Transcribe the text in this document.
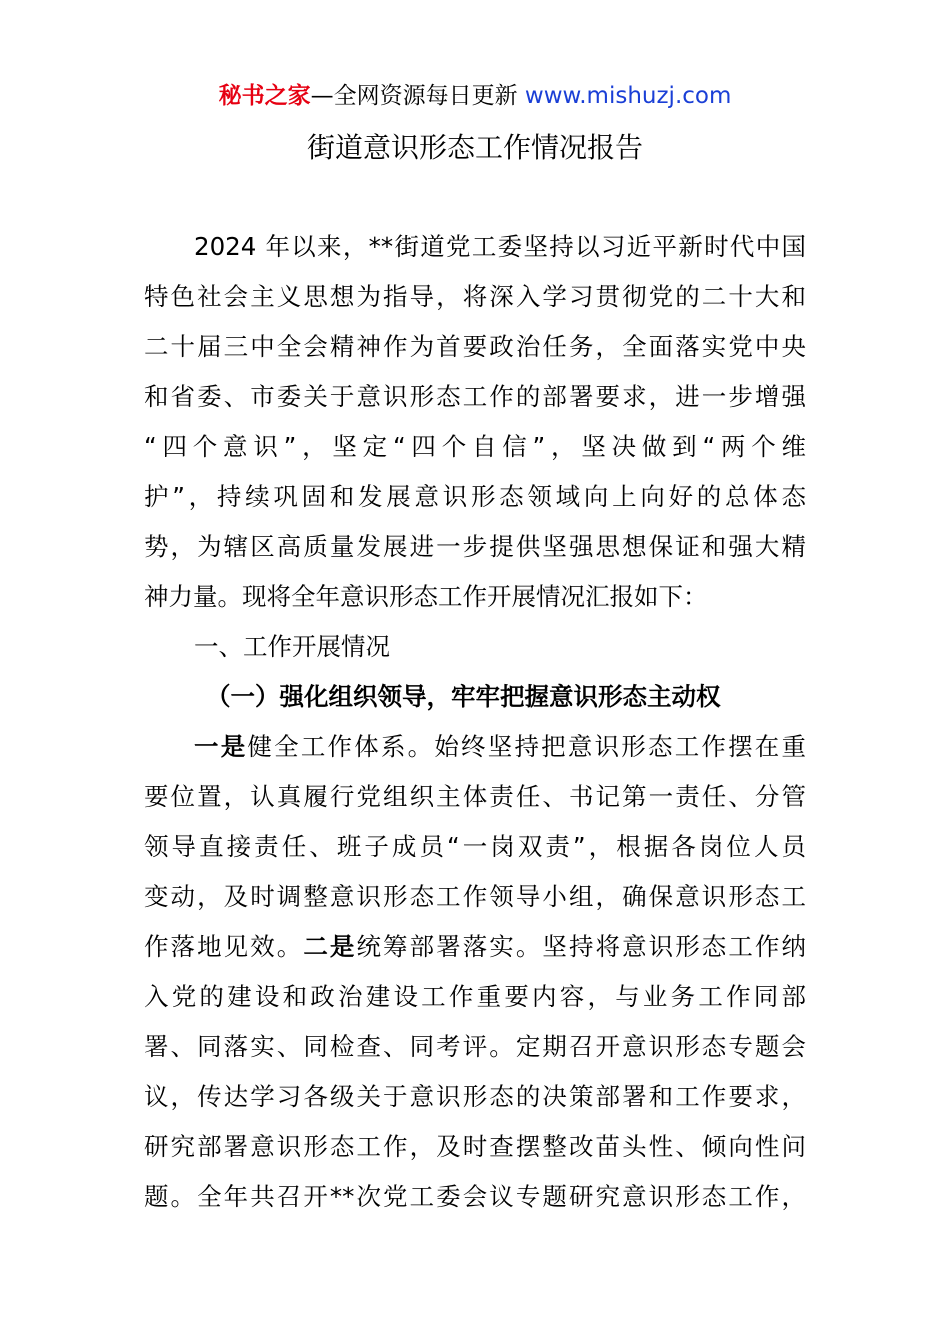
秘书之家—全网资源每日更新 www.mishuzj.com
街道意识形态工作情况报告
2024 年以来，**街道党工委坚持以习近平新时代中国
特色社会主义思想为指导，将深入学习贯彻党的二十大和
二十届三中全会精神作为首要政治任务，全面落实党中央
和省委、市委关于意识形态工作的部署要求，进一步增强
“四个意识”，坚定“四个自信”，坚决做到“两个维
护”，持续巩固和发展意识形态领域向上向好的总体态
势，为辖区高质量发展进一步提供坚强思想保证和强大精
神力量。现将全年意识形态工作开展情况汇报如下：
一、工作开展情况
（一）强化组织领导，牢牢把握意识形态主动权
一是健全工作体系。始终坚持把意识形态工作摆在重
要位置，认真履行党组织主体责任、书记第一责任、分管
领导直接责任、班子成员“一岗双责”，根据各岗位人员
变动，及时调整意识形态工作领导小组，确保意识形态工
作落地见效。二是统筹部署落实。坚持将意识形态工作纳
入党的建设和政治建设工作重要内容，与业务工作同部
署、同落实、同检查、同考评。定期召开意识形态专题会
议，传达学习各级关于意识形态的决策部署和工作要求，
研究部署意识形态工作，及时查摆整改苗头性、倾向性问
题。全年共召开**次党工委会议专题研究意识形态工作，
